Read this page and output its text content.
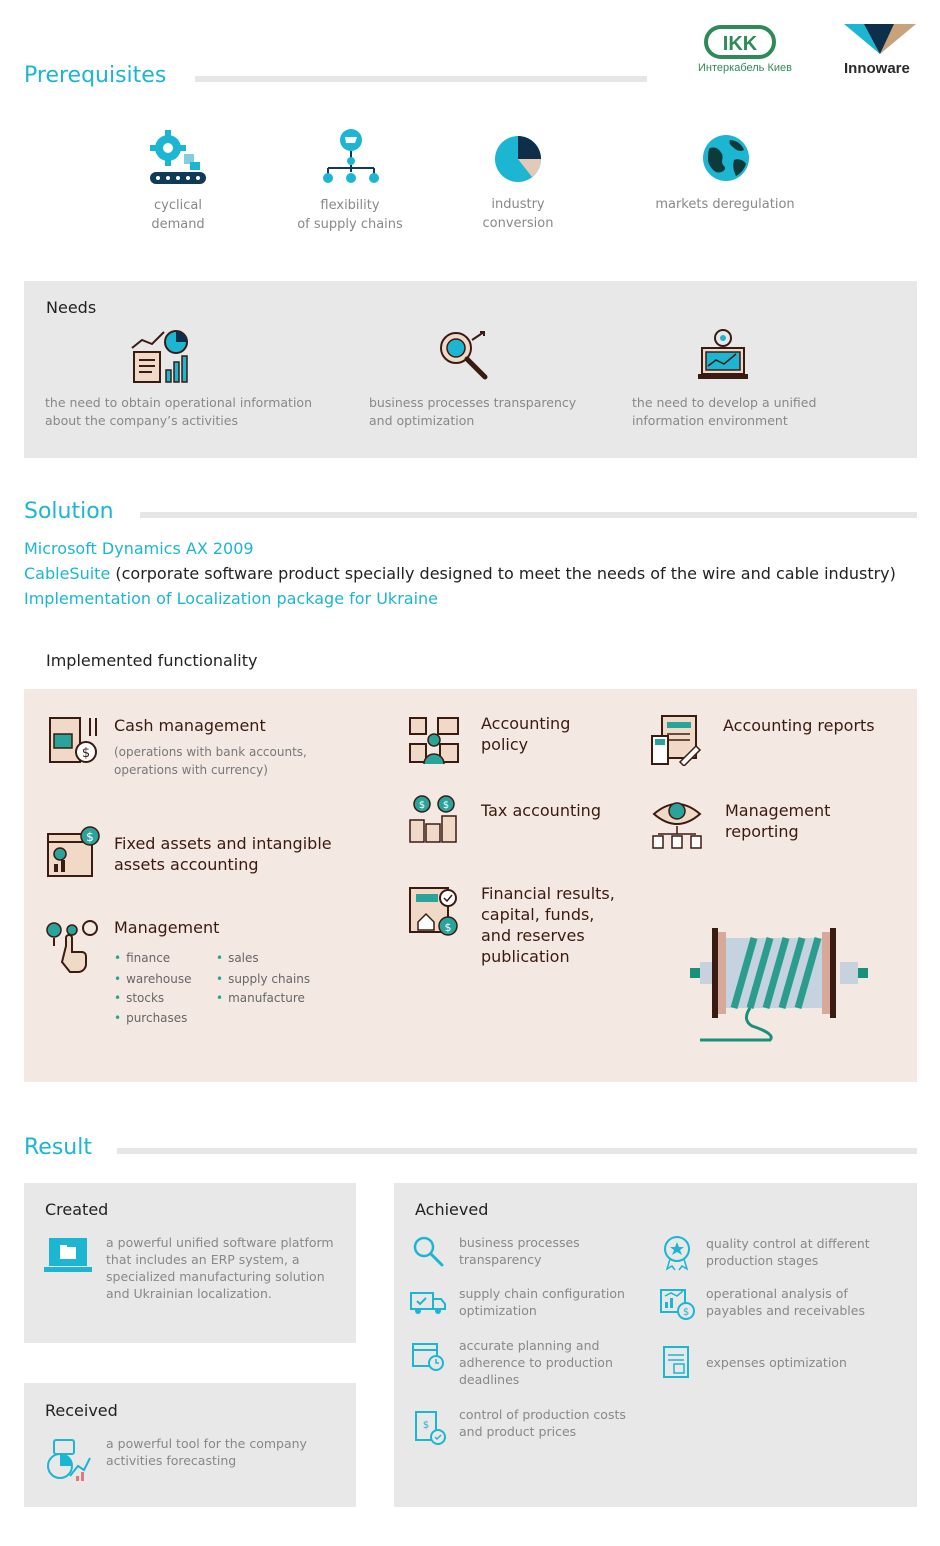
Prerequisites
IKK
Интеркабель Киев	Innoware
cyclical
demand
flexibility
of supply chains
industry
conversion
markets deregulation
Needs
the need to obtain operational information
about the company’s activities
business processes transparency
and optimization
the need to develop a unified
information environment
Solution
Microsoft Dynamics AX 2009
CableSuite (corporate software product specially designed to meet the needs of the wire and cable industry)
Implementation of Localization package for Ukraine
Implemented functionality
$
Cash management
(operations with bank accounts,
operations with currency)
$ Fixed assets and intangible
assets accounting
Management
• finance
• warehouse
• stocks
• purchases
• sales
• supply chains
• manufacture
Accounting
policy
$ $ Tax accounting
$
Financial results,
capital, funds,
and reserves
publication
Accounting reports
Management
reporting
Result
Created
a powerful unified software platform
that includes an ERP system, a
specialized manufacturing solution
and Ukrainian localization.
Received
a powerful tool for the company
activities forecasting
Achieved
business processes
transparency
supply chain configuration
optimization
accurate planning and
adherence to production
deadlines
$
control of production costs
and product prices
quality control at different
production stages
$
operational analysis of
payables and receivables
expenses optimization
